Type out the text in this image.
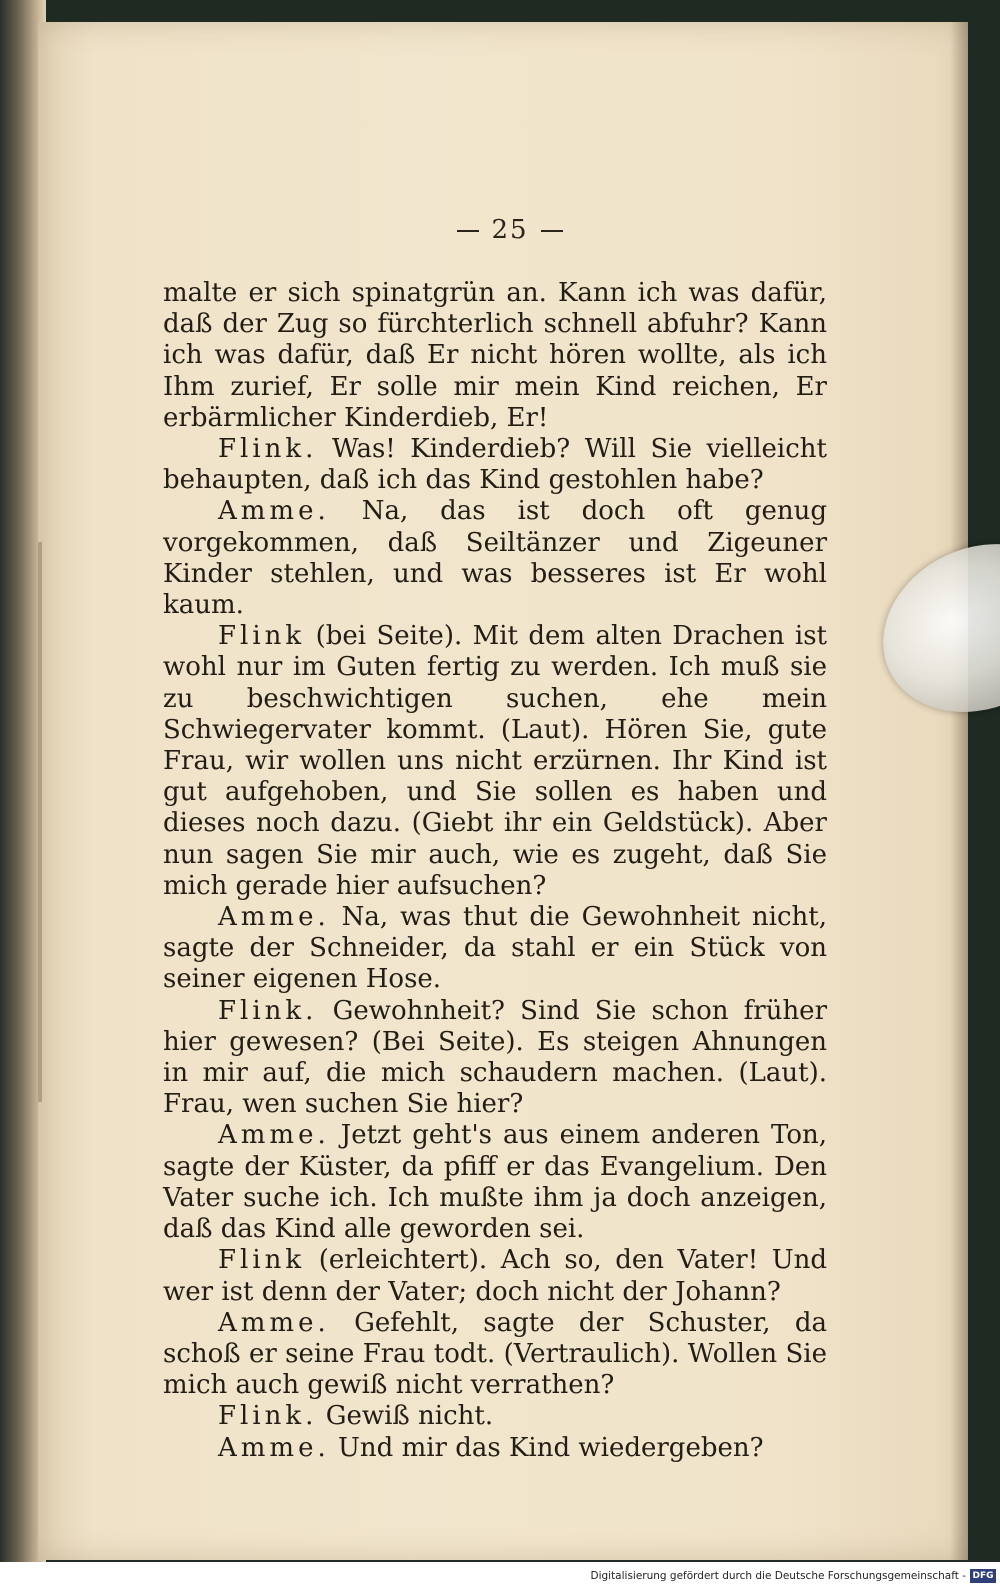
25

malte er sich spinatgrün an. Kann ich was dafür, daß der Zug so fürchterlich schnell abfuhr? Kann ich was dafür, daß Er nicht hören wollte, als ich Ihm zurief, Er solle mir mein Kind reichen, Er erbärmlicher Kinderdieb, Er!

Flink. Was! Kinderdieb? Will Sie vielleicht behaupten, daß ich das Kind gestohlen habe?

Amme. Na, das ist doch oft genug vorgekommen, daß Seiltänzer und Zigeuner Kinder stehlen, und was besseres ist Er wohl kaum.

Flink (bei Seite). Mit dem alten Drachen ist wohl nur im Guten fertig zu werden. Ich muß sie zu beschwichtigen suchen, ehe mein Schwiegervater kommt. (Laut). Hören Sie, gute Frau, wir wollen uns nicht erzürnen. Ihr Kind ist gut aufgehoben, und Sie sollen es haben und dieses noch dazu. (Giebt ihr ein Geldstück). Aber nun sagen Sie mir auch, wie es zugeht, daß Sie mich gerade hier aufsuchen?

Amme. Na, was thut die Gewohnheit nicht, sagte der Schneider, da stahl er ein Stück von seiner eigenen Hose.

Flink. Gewohnheit? Sind Sie schon früher hier gewesen? (Bei Seite). Es steigen Ahnungen in mir auf, die mich schaudern machen. (Laut). Frau, wen suchen Sie hier?

Amme. Jetzt geht's aus einem anderen Ton, sagte der Küster, da pfiff er das Evangelium. Den Vater suche ich. Ich mußte ihm ja doch anzeigen, daß das Kind alle geworden sei.

Flink (erleichtert). Ach so, den Vater! Und wer ist denn der Vater; doch nicht der Johann?

Amme. Gefehlt, sagte der Schuster, da schoß er seine Frau todt. (Vertraulich). Wollen Sie mich auch gewiß nicht verrathen?

Flink. Gewiß nicht.

Amme. Und mir das Kind wiedergeben?

Digitalisierung gefördert durch die Deutsche Forschungsgemeinschaft - DFG
